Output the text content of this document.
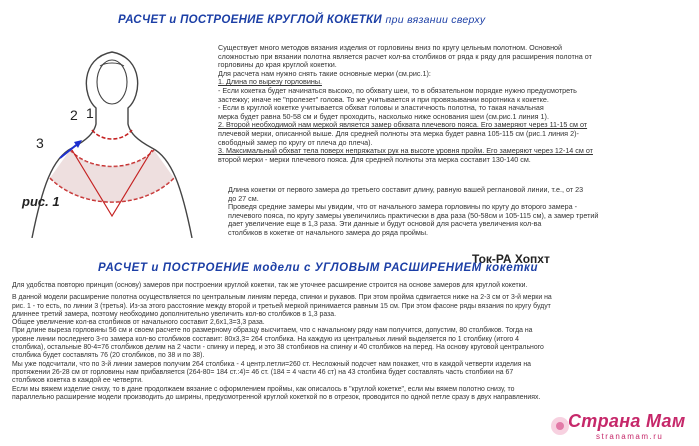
РАСЧЕТ и ПОСТРОЕНИЕ КРУГЛОЙ КОКЕТКИ при вязании сверху
1
2
3
рис. 1
Существует много методов вязания изделия от горловины вниз по кругу цельным полотном. Основной
сложностью при вязании полотна является расчет кол-ва столбиков от ряда к ряду для расширения полотна от
горловины до края круглой кокетки.
Для расчета нам нужно снять такие основные мерки (см.рис.1):
1. Длина по вырезу горловины.
- Если кокетка будет начинаться высоко, по обхвату шеи, то в обязательном порядке нужно предусмотреть
застежку; иначе не "пролезет" голова. То же учитывается и при провязывании воротника к кокетке.
- Если в круглой кокетке учитывается обхват головы и эластичность полотна, то такая начальная
мерка будет равна 50-58 см и будет проходить, насколько ниже основания шеи (см.рис.1 линия 1).
2. Второй необходимой нам меркой является замер обхвата плечевого пояса. Его замеряют через 11-15 см от
плечевой мерки, описанной выше. Для средней полноты эта мерка будет равна 105-115 см (рис.1 линия 2)-
свободный замер по кругу от плеча до плеча).
3. Максимальный обхват тела поверх непряжатых рук на высоте уровня пройм. Его замеряют через 12-14 см от
второй мерки - мерки плечевого пояса. Для средней полноты эта мерка составит 130-140 см.
Длина кокетки от первого замера до третьего составит длину, равную вашей реглановой линии, т.е., от 23
до 27 см.
Проведя средние замеры мы увидим, что от начального замера горловины по кругу до второго замера -
плечевого пояса, по кругу замеры увеличились практически в два раза (50-58см и 105-115 см), а замер третий
дает увеличение еще в 1,3 раза. Эти данные и будут основой для расчета увеличения кол-ва
столбиков в кокетке от начального замера до ряда проймы.
Ток-РА Хопхт
РАСЧЕТ и ПОСТРОЕНИЕ модели с УГЛОВЫМ РАСШИРЕНИЕМ кокетки
Для удобства повторю принцип (основу) замеров при построении круглой кокетки, так же уточнее расширение строится на основе замеров для круглой кокетки.
В данной модели расширение полотна осуществляется по центральным линиям переда, спинки и рукавов. При этом пройма сдвигается ниже на 2-3 см от 3-й мерки на
рис. 1 - то есть, по линии 3 (третья). Из-за этого расстояние между второй и третьей меркой принимается равным 15 см. При этом фасоне ряды вязания по кругу будут
длиннее третий замера, поэтому необходимо дополнительно увеличить кол-во столбиков в 1,3 раза.
Общее увеличение кол-ва столбиков от начального составит 2,6x1,3=3,3 раза.
При длине выреза горловины 56 см и своем расчете по размерному образцу высчитаем, что с начальному ряду нам получится, допустим, 80 столбиков. Тогда на
уровне линии последнего 3-го замера кол-во столбиков составит: 80х3,3= 264 столбика. На каждую из центральных линий выделяется по 1 столбику (итого 4
столбика), остальные 80-4=76 столбиков делим на 2 части - спинку и перед, и это 38 столбиков на спинку и 40 столбиков на перед. На основу круговой центрального
столбика будет составлять 76 (20 столбиков, по 38 и по 38).
Мы уже подсчитали, что по 3-й линии замеров получим 264 столбика - 4 центр.петли=260 ст. Несложный подсчет нам покажет, что в каждой четверти изделия на
протяжении 26-28 см от горловины нам прибавляется (264-80= 184 ст.:4)= 46 ст. (184 = 4 части 46 ст) на 43 столбика будет составлять часть столбики на 67
столбиков кокетка в каждой ее четверти.
Если мы вяжем изделие снизу, то в дане продолжаем вязание с оформлением проймы, как описалось в "круглой кокетке", если мы вяжем полотно снизу, то
параллельно расширение модели производить до ширины, предусмотренной круглой кокеткой по в отрезок, проводится по одной петле сразу в двух направлениях.
Страна Мам
stranamam.ru
